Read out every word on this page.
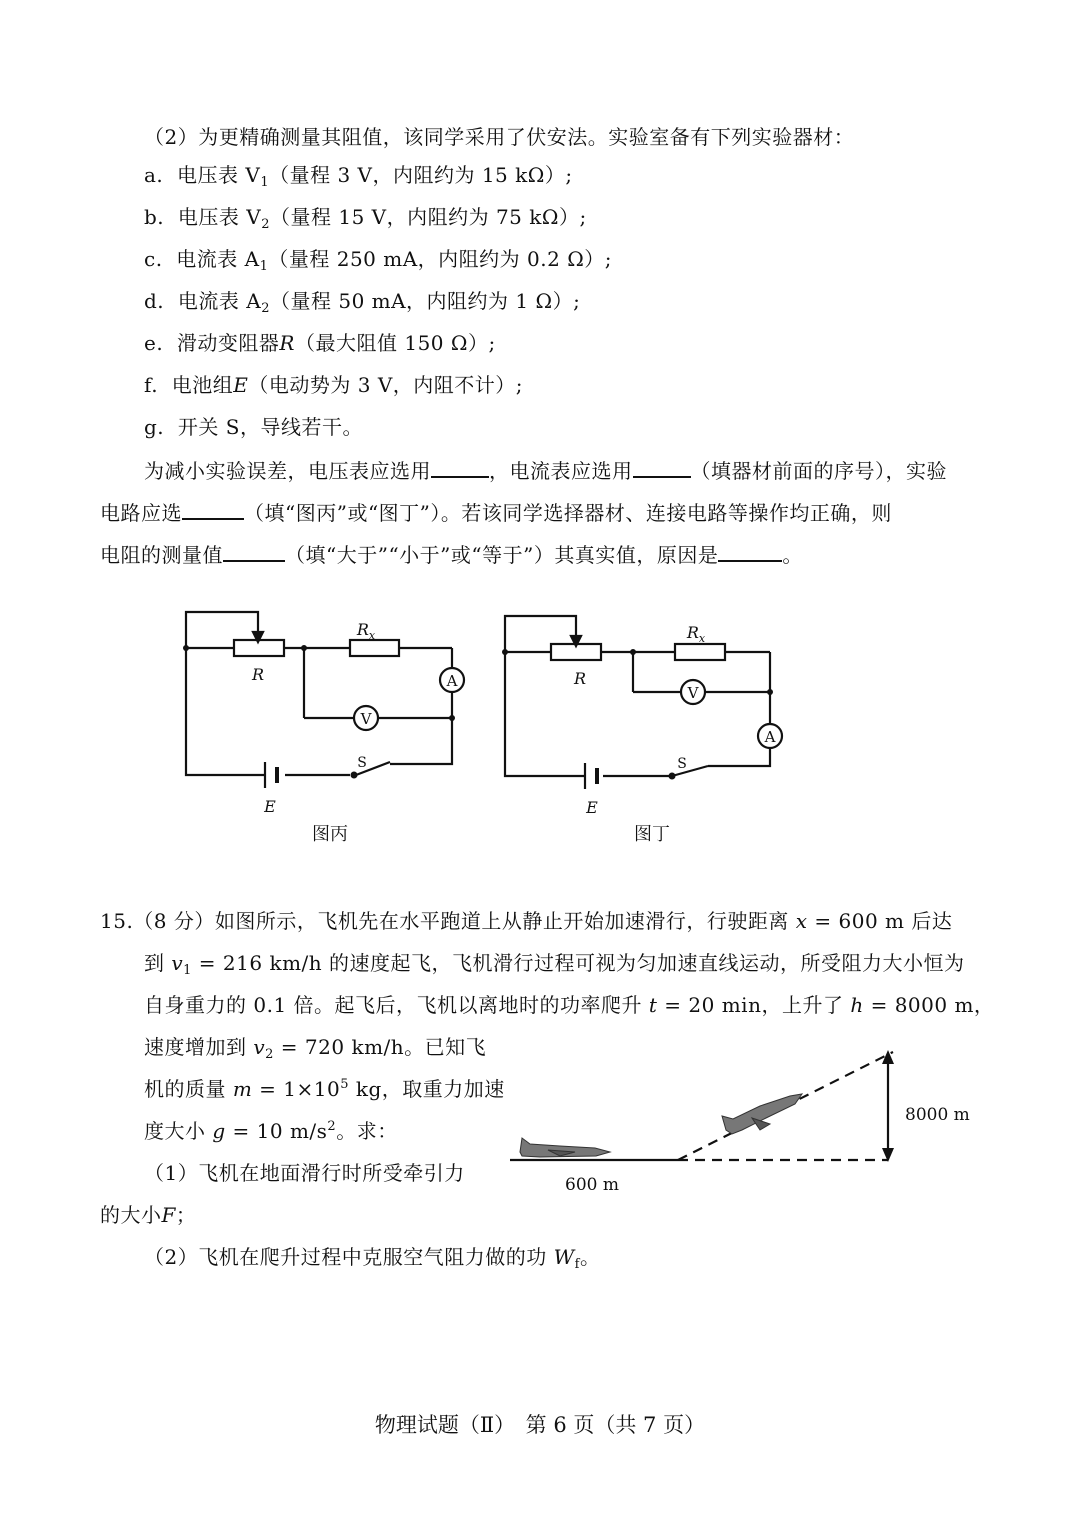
（2）为更精确测量其阻值，该同学采用了伏安法。实验室备有下列实验器材：
a. 电压表 $V_1$（量程 3 V，内阻约为 15 kΩ）;
b. 电压表 $V_2$（量程 15 V，内阻约为 75 kΩ）;
c. 电流表 $A_1$（量程 250 mA，内阻约为 0.2 Ω）;
d. 电流表 $A_2$（量程 50 mA，内阻约为 1 Ω）;
e. 滑动变阻器R（最大阻值 150 Ω）;
f. 电池组E（电动势为 3 V，内阻不计）;
g. 开关 S，导线若干。
为减小实验误差，电压表应选用	，电流表应选用	（填器材前面的序号），实验
电路应选	（填“图丙”或“图丁”）。若该同学选择器材、连接电路等操作均正确，则
电阻的测量值	（填“大于”“小于”或“等于”）其真实值，原因是	。
R
$R_x$
A
V
E
S
图丙
R
$R_x$
V
A
E
S
图丁
600 m
8000 m
15.（8 分）如图所示，飞机先在水平跑道上从静止开始加速滑行，行驶距离 x = 600 m 后达
到 $v_1 = 216$ km/h 的速度起飞，飞机滑行过程可视为匀加速直线运动，所受阻力大小恒为
自身重力的 0.1 倍。起飞后，飞机以离地时的功率爬升 t = 20 min，上升了 h = 8000 m，
速度增加到 $v_2 = 720$ km/h。已知飞
机的质量 $m = 1\times 10^5$ kg，取重力加速
度大小 g = 10 $m/s^2$。求：
（1）飞机在地面滑行时所受牵引力
的大小F；
（2）飞机在爬升过程中克服空气阻力做的功 $W_f$。
物理试题（Ⅱ）　第 6 页（共 7 页）
